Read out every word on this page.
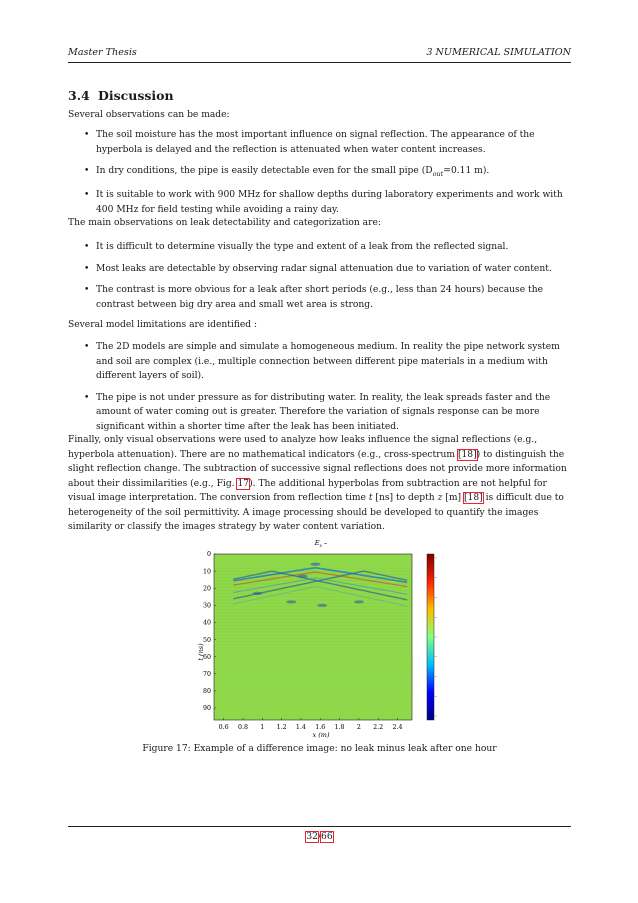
Master Thesis	3 NUMERICAL SIMULATION
3.4 Discussion

Several observations can be made:

• The soil moisture has the most important influence on signal reflection. The appearance of the hyperbola is delayed and the reflection is attenuated when water content increases.
• In dry conditions, the pipe is easily detectable even for the small pipe ($D_{out}=0.11$ m).
• It is suitable to work with 900 MHz for shallow depths during laboratory experiments and work with 400 MHz for field testing while avoiding a rainy day.

The main observations on leak detectability and categorization are:

• It is difficult to determine visually the type and extent of a leak from the reflected signal.
• Most leaks are detectable by observing radar signal attenuation due to variation of water content.
• The contrast is more obvious for a leak after short periods (e.g., less than 24 hours) because the contrast between big dry area and small wet area is strong.

Several model limitations are identified :

• The 2D models are simple and simulate a homogeneous medium. In reality the pipe network system and soil are complex (i.e., multiple connection between different pipe materials in a medium with different layers of soil).
• The pipe is not under pressure as for distributing water. In reality, the leak spreads faster and the amount of water coming out is greater. Therefore the variation of signals response can be more significant within a shorter time after the leak has been initiated.

Finally, only visual observations were used to analyze how leaks influence the signal reflections (e.g., hyperbola attenuation). There are no mathematical indicators (e.g., cross-spectrum [18]) to distinguish the slight reflection change. The subtraction of successive signal reflections does not provide more information about their dissimilarities (e.g., Fig. 17). The additional hyperbolas from subtraction are not helpful for visual image interpretation. The conversion from reflection time t [ns] to depth z [m] [18] is difficult due to heterogeneity of the soil permittivity. A image processing should be developed to quantify the images similarity or classify the images strategy by water content variation.

$E_x$ –
0.6 0.8 1 1.2 1.4 1.6 1.8 2 2.2 2.4
0
10
20
30
40
50
60
70
80
90
x (m)
t (ns)
Figure 17: Example of a difference image: no leak minus leak after one hour
32/66
